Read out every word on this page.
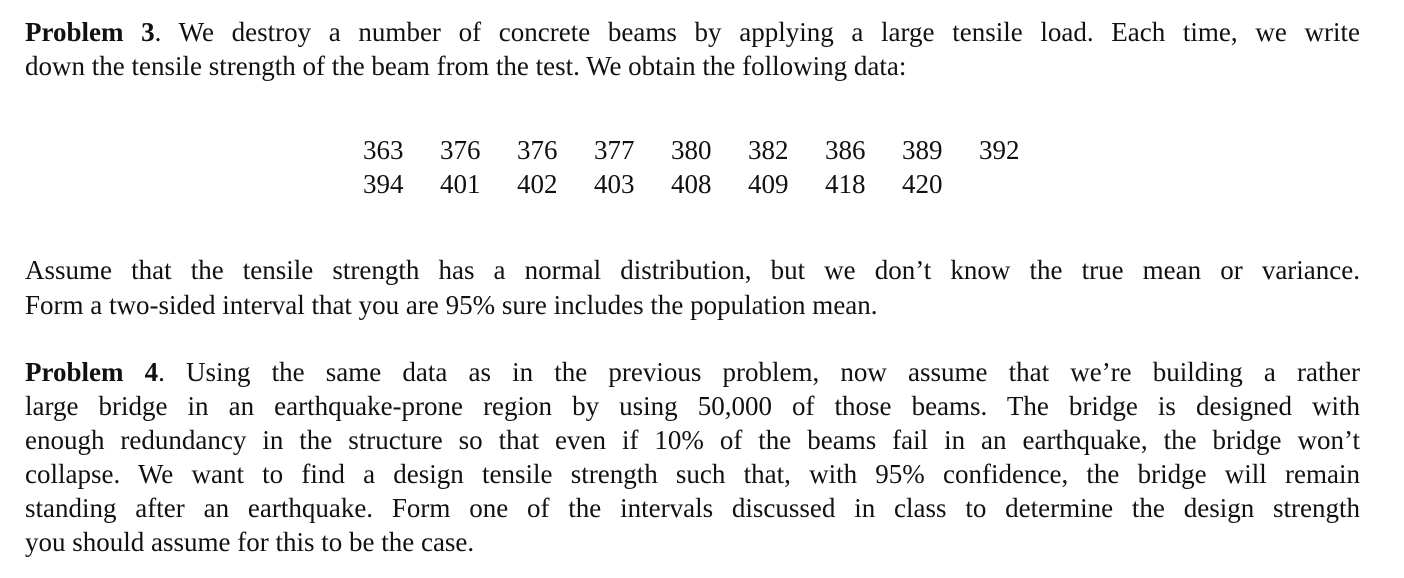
Problem 3. We destroy a number of concrete beams by applying a large tensile load. Each time, we write
down the tensile strength of the beam from the test. We obtain the following data:
363	376	376	377	380	382	386	389	392
394	401	402	403	408	409	418	420
Assume that the tensile strength has a normal distribution, but we don’t know the true mean or variance.
Form a two-sided interval that you are 95% sure includes the population mean.
Problem 4. Using the same data as in the previous problem, now assume that we’re building a rather
large bridge in an earthquake-prone region by using 50,000 of those beams. The bridge is designed with
enough redundancy in the structure so that even if 10% of the beams fail in an earthquake, the bridge won’t
collapse. We want to find a design tensile strength such that, with 95% confidence, the bridge will remain
standing after an earthquake. Form one of the intervals discussed in class to determine the design strength
you should assume for this to be the case.
